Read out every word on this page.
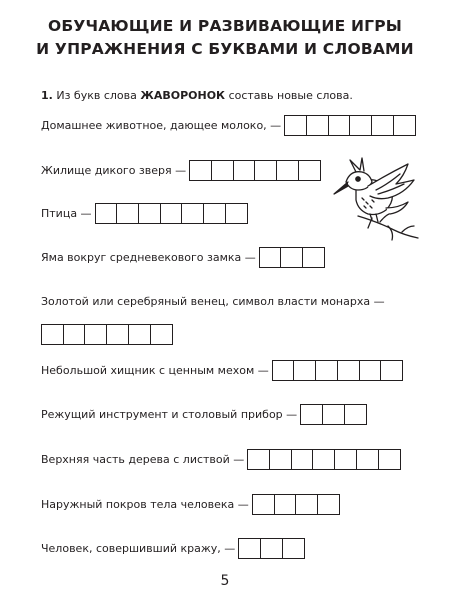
ОБУЧАЮЩИЕ И РАЗВИВАЮЩИЕ ИГРЫ
И УПРАЖНЕНИЯ С БУКВАМИ И СЛОВАМИ
1. Из букв слова ЖАВОРОНОК составь новые слова.
Домашнее животное, дающее молоко, —
Жилище дикого зверя —
Птица —
Яма вокруг средневекового замка —
Золотой или серебряный венец, символ власти монарха —
Небольшой хищник с ценным мехом —
Режущий инструмент и столовый прибор —
Верхняя часть дерева с листвой —
Наружный покров тела человека —
Человек, совершивший кражу, —
5
